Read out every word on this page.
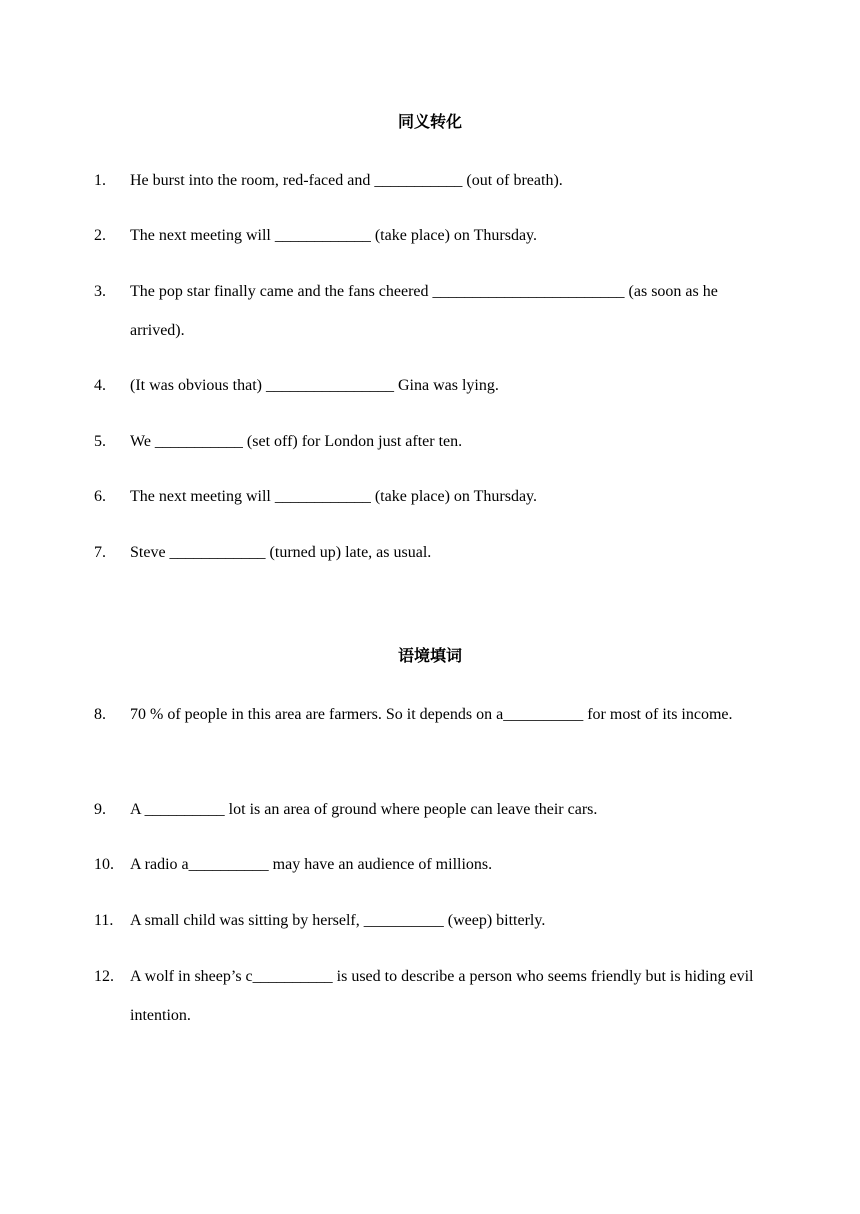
同义转化
1.	He burst into the room, red-faced and ___________ (out of breath).
2.	The next meeting will ____________ (take place) on Thursday.
3.	The pop star finally came and the fans cheered ________________________ (as soon as he arrived).
4.	(It was obvious that) ________________ Gina was lying.
5.	We ___________ (set off) for London just after ten.
6.	The next meeting will ____________ (take place) on Thursday.
7.	Steve ____________ (turned up) late, as usual.
语境填词
8.	70 % of people in this area are farmers. So it depends on a__________ for most of its income.
9.	A __________ lot is an area of ground where people can leave their cars.
10.	A radio a__________ may have an audience of millions.
11.	A small child was sitting by herself, __________ (weep) bitterly.
12.	A wolf in sheep’s c__________ is used to describe a person who seems friendly but is hiding evil intention.
